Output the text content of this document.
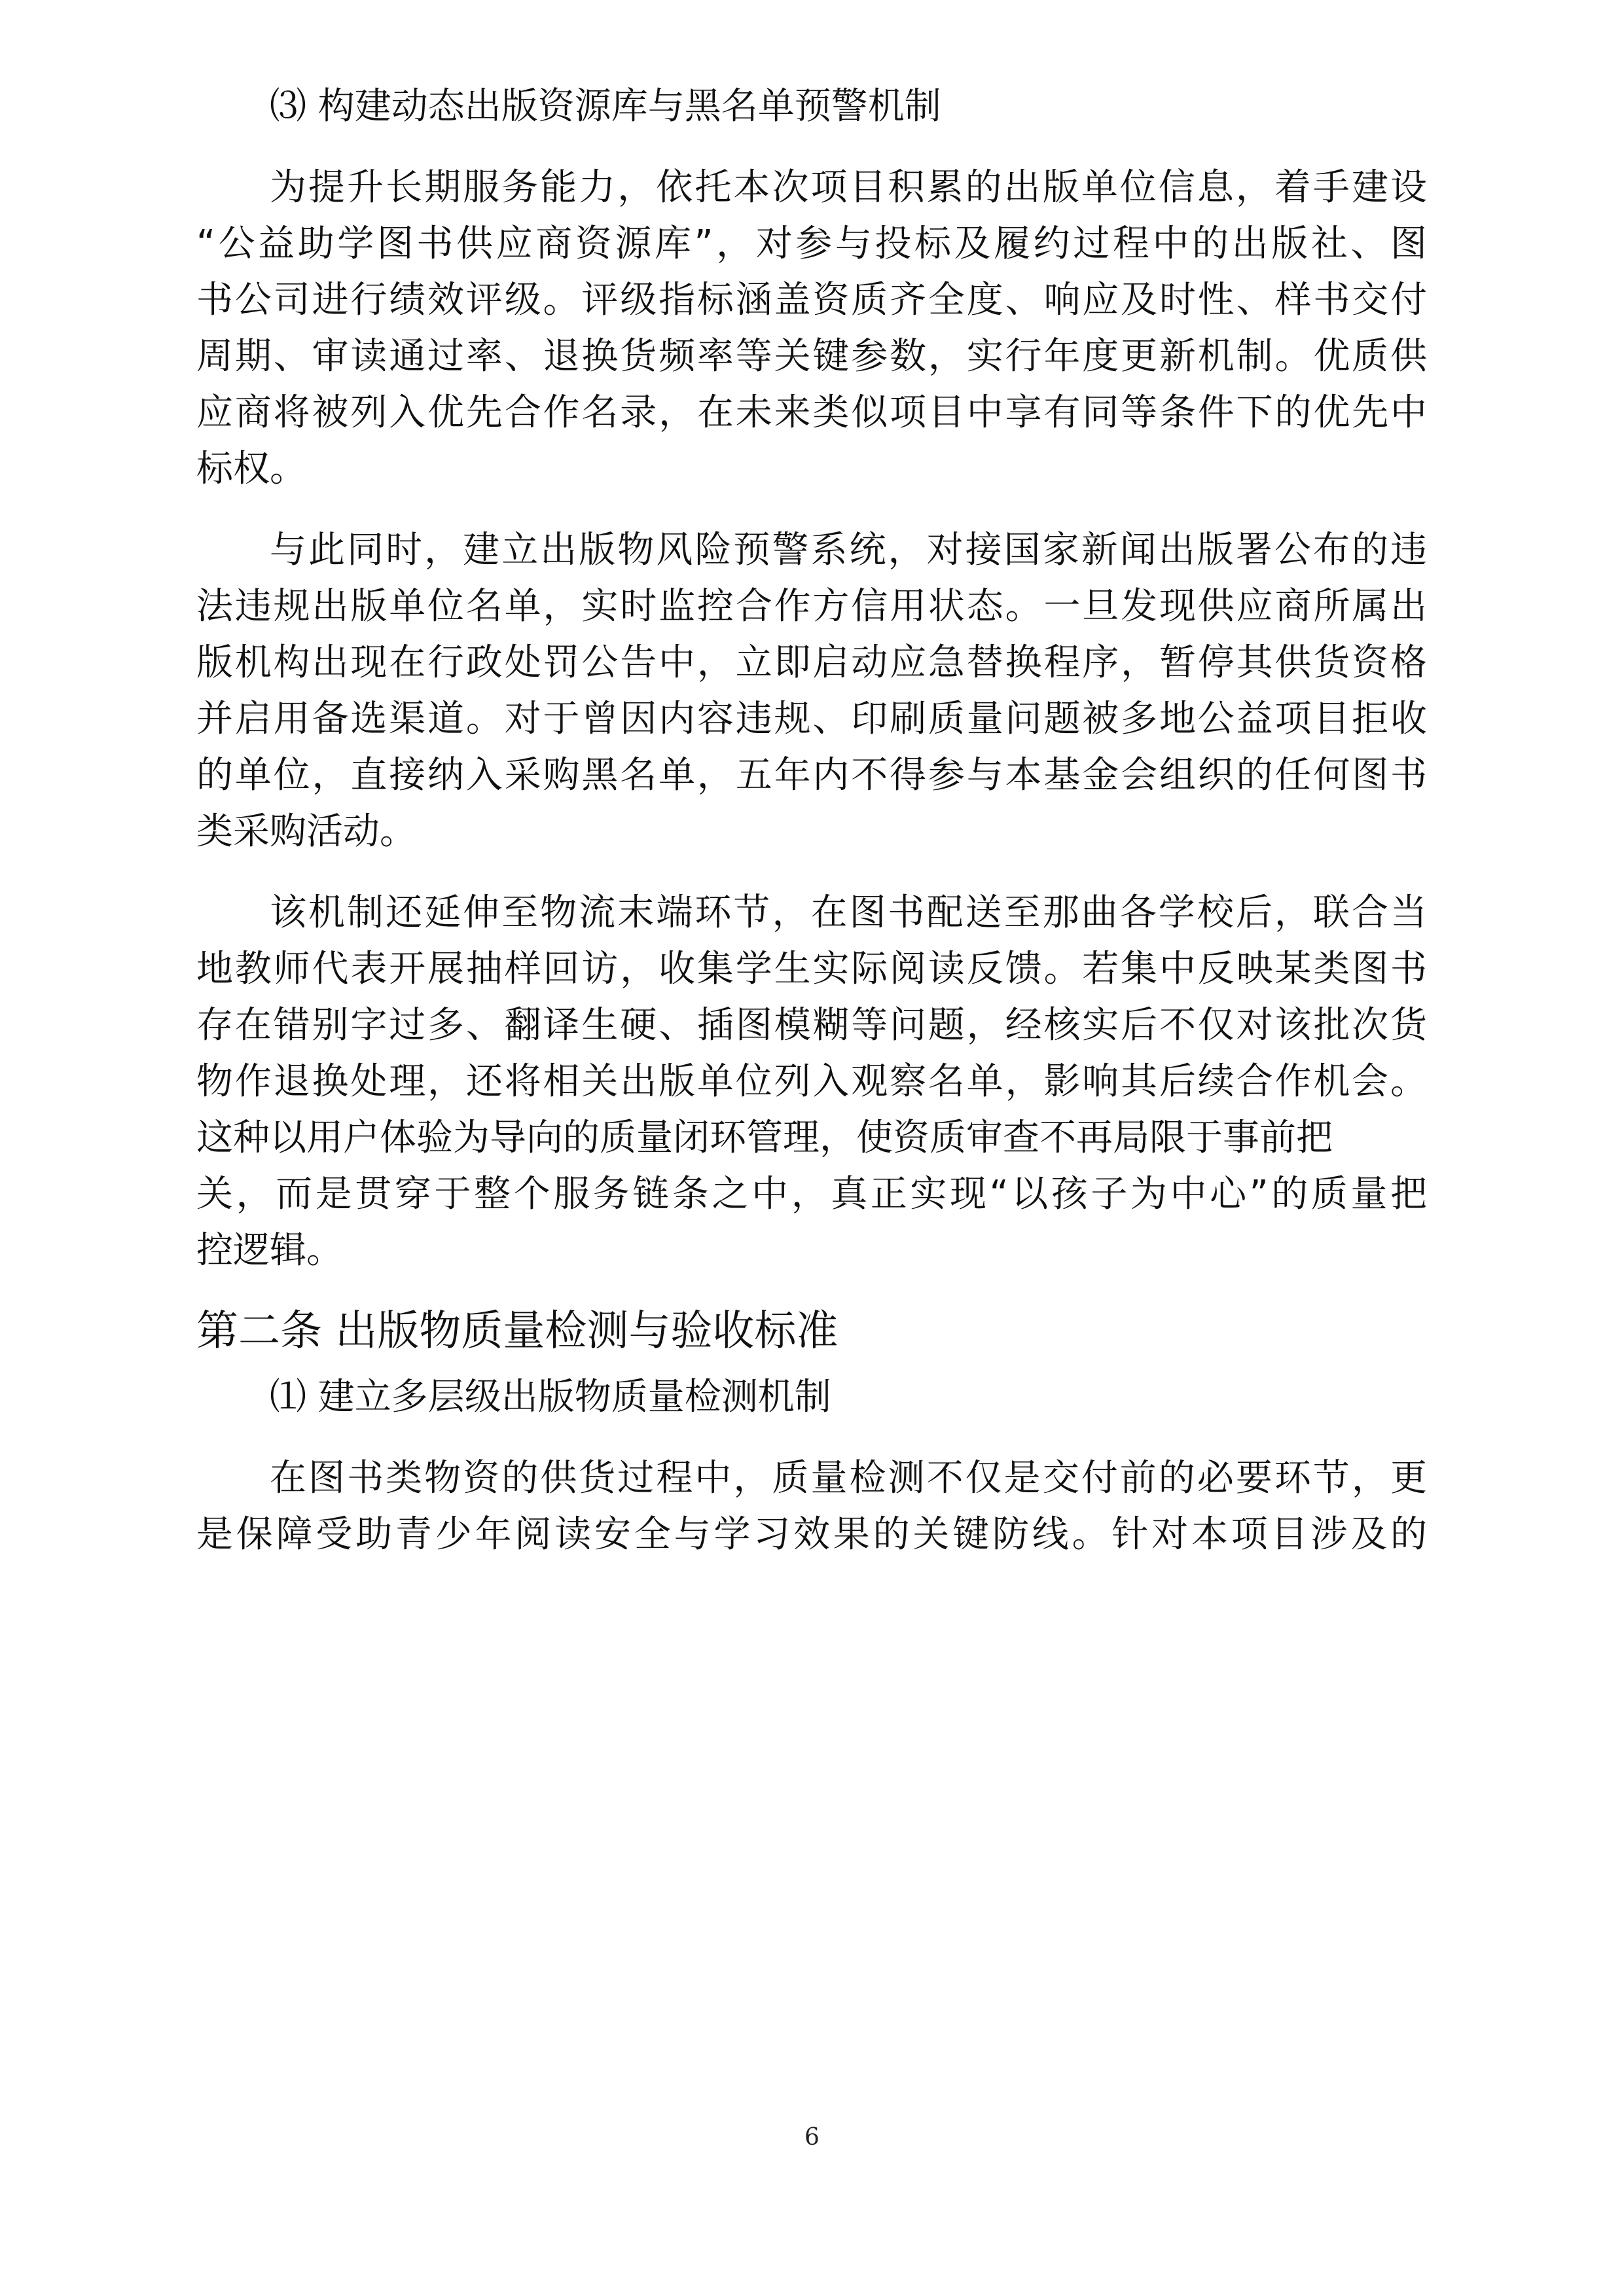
⑶ 构建动态出版资源库与黑名单预警机制
为提升长期服务能力，依托本次项目积累的出版单位信息，着手建设
“公益助学图书供应商资源库”，对参与投标及履约过程中的出版社、图
书公司进行绩效评级。评级指标涵盖资质齐全度、响应及时性、样书交付
周期、审读通过率、退换货频率等关键参数，实行年度更新机制。优质供
应商将被列入优先合作名录，在未来类似项目中享有同等条件下的优先中
标权。
与此同时，建立出版物风险预警系统，对接国家新闻出版署公布的违
法违规出版单位名单，实时监控合作方信用状态。一旦发现供应商所属出
版机构出现在行政处罚公告中，立即启动应急替换程序，暂停其供货资格
并启用备选渠道。对于曾因内容违规、印刷质量问题被多地公益项目拒收
的单位，直接纳入采购黑名单，五年内不得参与本基金会组织的任何图书
类采购活动。
该机制还延伸至物流末端环节，在图书配送至那曲各学校后，联合当
地教师代表开展抽样回访，收集学生实际阅读反馈。若集中反映某类图书
存在错别字过多、翻译生硬、插图模糊等问题，经核实后不仅对该批次货
物作退换处理，还将相关出版单位列入观察名单，影响其后续合作机会。
这种以用户体验为导向的质量闭环管理，使资质审查不再局限于事前把
关，而是贯穿于整个服务链条之中，真正实现“以孩子为中心”的质量把
控逻辑。
第二条 出版物质量检测与验收标准
⑴ 建立多层级出版物质量检测机制
在图书类物资的供货过程中，质量检测不仅是交付前的必要环节，更
是保障受助青少年阅读安全与学习效果的关键防线。针对本项目涉及的
6
